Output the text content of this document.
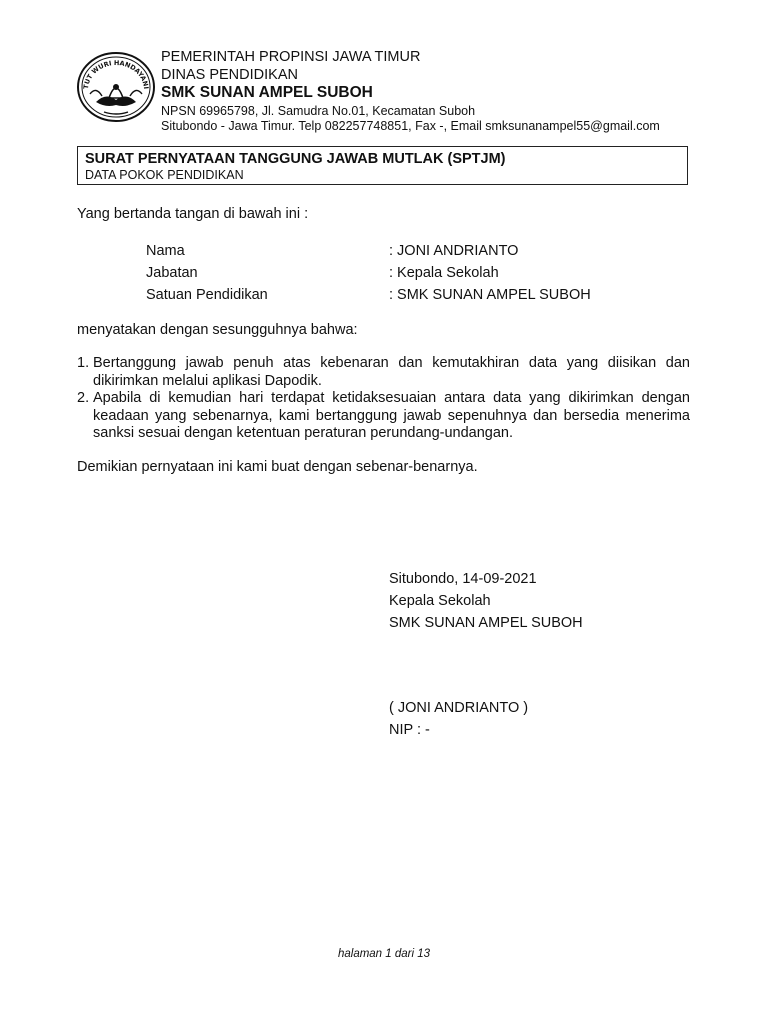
TUT WURI HANDAYANI
PEMERINTAH PROPINSI JAWA TIMUR
DINAS PENDIDIKAN
SMK SUNAN AMPEL SUBOH
NPSN 69965798, Jl. Samudra No.01, Kecamatan Suboh
Situbondo - Jawa Timur. Telp 082257748851, Fax -, Email smksunanampel55@gmail.com
SURAT PERNYATAAN TANGGUNG JAWAB MUTLAK (SPTJM)
DATA POKOK PENDIDIKAN
Yang bertanda tangan di bawah ini :
Nama	: JONI ANDRIANTO
Jabatan	: Kepala Sekolah
Satuan Pendidikan	: SMK SUNAN AMPEL SUBOH
menyatakan dengan sesungguhnya bahwa:
1. Bertanggung jawab penuh atas kebenaran dan kemutakhiran data yang diisikan dan dikirimkan melalui aplikasi Dapodik.
2. Apabila di kemudian hari terdapat ketidaksesuaian antara data yang dikirimkan dengan keadaan yang sebenarnya, kami bertanggung jawab sepenuhnya dan bersedia menerima sanksi sesuai dengan ketentuan peraturan perundang-undangan.
Demikian pernyataan ini kami buat dengan sebenar-benarnya.
Situbondo, 14-09-2021
Kepala Sekolah
SMK SUNAN AMPEL SUBOH
( JONI ANDRIANTO )
NIP : -
halaman 1 dari 13
